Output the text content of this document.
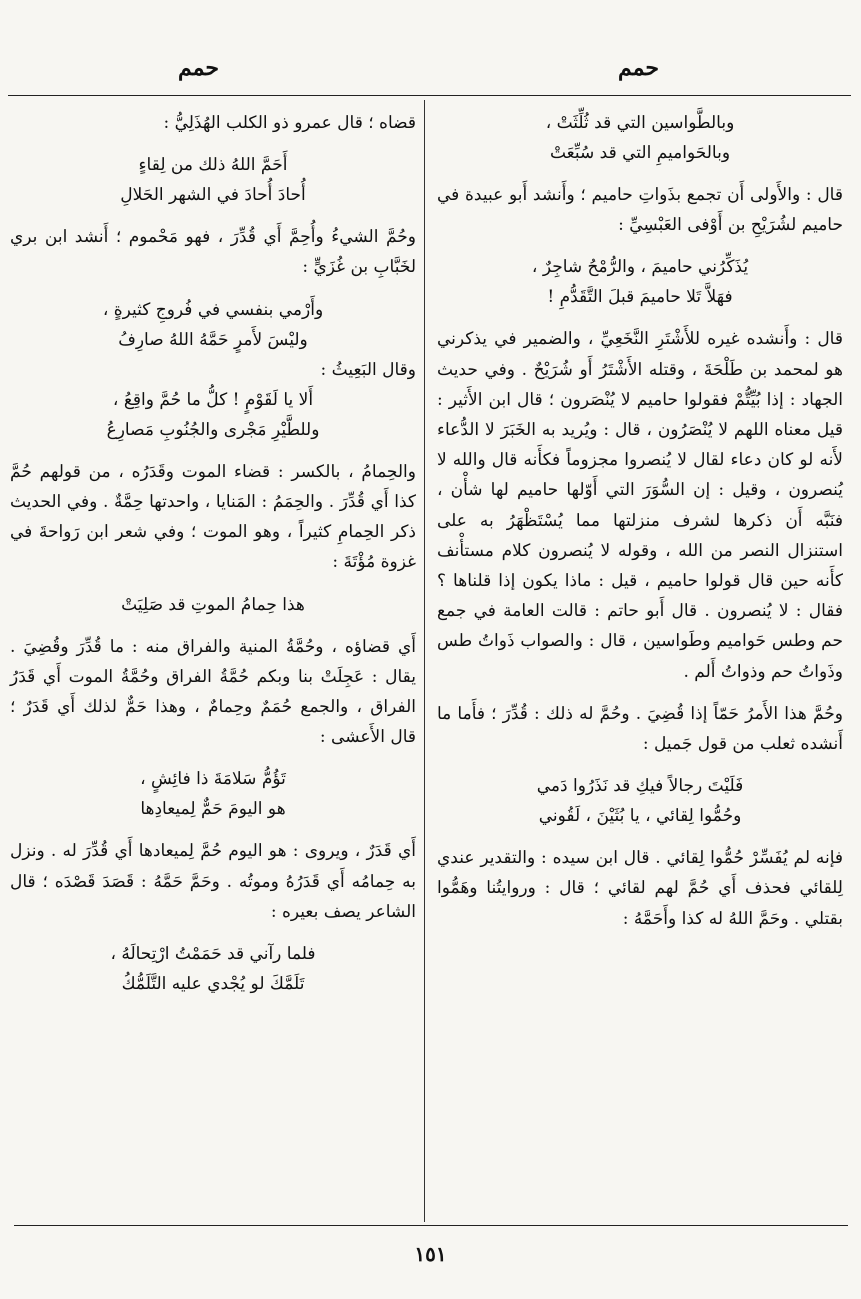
حمم
حمم

وبالطَّواسين التي قد ثُلِّثَتْ ،

وبالحَواميمِ التي قد سُبِّعَتْ

قال : والأَولى أَن تجمع بذَواتِ حاميم ؛ وأَنشد أَبو عبيدة في حاميم لشُرَيْحِ بن أَوْفى العَبْسِيِّ :

يُذَكِّرُني حاميمَ ، والرُّمْحُ شاجِرٌ ،

فهَلاَّ تَلا حاميمَ قبلَ التَّقَدُّمِ !

قال : وأَنشده غيره للأَشْتَرِ النَّخَعِيِّ ، والضمير في يذكرني هو لمحمد بن طَلْحَةَ ، وقتله الأَشْتَرُ أَو شُرَيْحٌ . وفي حديث الجهاد : إذا بُيِّتُّمْ فقولوا حاميم لا يُنْصَرون ؛ قال ابن الأَثير : قيل معناه اللهم لا يُنْصَرُون ، قال : ويُريد به الخَبَرَ لا الدُّعاء لأَنه لو كان دعاء لقال لا يُنصروا مجزوماً فكأَنه قال والله لا يُنصرون ، وقيل : إن السُّوَرَ التي أَوّلها حاميم لها شأْن ، فنَبَّه أَن ذكرها لشرف منزلتها مما يُسْتَظْهَرُ به على استنزال النصر من الله ، وقوله لا يُنصرون كلام مستأْنف كأَنه حين قال قولوا حاميم ، قيل : ماذا يكون إذا قلناها ؟ فقال : لا يُنصرون . قال أَبو حاتم : قالت العامة في جمع حم وطس حَواميم وطَواسين ، قال : والصواب ذَواتُ طس وذَواتُ حم وذواتُ أَلم .

وحُمَّ هذا الأَمرُ حَمّاً إذا قُضِيَ . وحُمَّ له ذلك : قُدِّرَ ؛ فأَما ما أَنشده ثعلب من قول جَميل :

فَلَيْتَ رجالاً فيكِ قد نَذَرُوا دَمي

وحُمُّوا لِقائي ، يا بُثَيْنَ ، لَقُوني

فإنه لم يُفَسِّرْ حُمُّوا لِقائي . قال ابن سيده : والتقدير عندي لِلقائي فحذف أَي حُمَّ لهم لقائي ؛ قال : وروايتُنا وهَمُّوا بقتلي . وحَمَّ اللهُ له كذا وأَحَمَّهُ :

قضاه ؛ قال عمرو ذو الكلب الهُذَلِيُّ :

أَحَمَّ اللهُ ذلك من لِقاءٍ

أُحادَ أُحادَ في الشهر الحَلالِ

وحُمَّ الشيءُ وأُحِمَّ أَي قُدِّرَ ، فهو مَحْموم ؛ أَنشد ابن بري لخَبَّابِ بن غُزَيٍّ :

وأَرْمي بنفسي في فُروجِ كثيرةٍ ،

وليْسَ لأَمرٍ حَمَّهُ اللهُ صارِفُ

وقال البَعِيثُ :

أَلا يا لَقَوْمٍ ! كلُّ ما حُمَّ واقِعُ ،

وللطَّيْرِ مَجْرى والجُنُوبِ مَصارِعُ

والحِمامُ ، بالكسر : قضاء الموت وقَدَرُه ، من قولهم حُمَّ كذا أَي قُدِّرَ . والحِمَمُ : المَنايا ، واحدتها حِمَّةٌ . وفي الحديث ذكر الحِمامِ كثيراً ، وهو الموت ؛ وفي شعر ابن رَواحةَ في غزوة مُؤْتَةَ :

هذا حِمامُ الموتِ قد صَلِيَتْ

أَي قضاؤه ، وحُمَّةُ المنية والفراق منه : ما قُدِّرَ وقُضِيَ . يقال : عَجِلَتْ بنا وبكم حُمَّةُ الفراق وحُمَّةُ الموت أَي قَدَرُ الفراق ، والجمع حُمَمٌ وحِمامٌ ، وهذا حَمٌّ لذلك أَي قَدَرٌ ؛ قال الأَعشى :

تَؤُمُّ سَلامَةَ ذا فائِشٍ ،

هو اليومَ حَمٌّ لِميعادِها

أَي قَدَرٌ ، ويروى : هو اليوم حُمَّ لِميعادها أَي قُدِّرَ له . ونزل به حِمامُه أَي قَدَرُهُ وموتُه . وحَمَّ حَمَّهُ : قَصَدَ قَصْدَه ؛ قال الشاعر يصف بعيره :

فلما رآني قد حَمَمْتُ ارْتِحالَهُ ،

تَلَمَّكَ لو يُجْدي عليه التَّلَمُّكُ

١٥١
